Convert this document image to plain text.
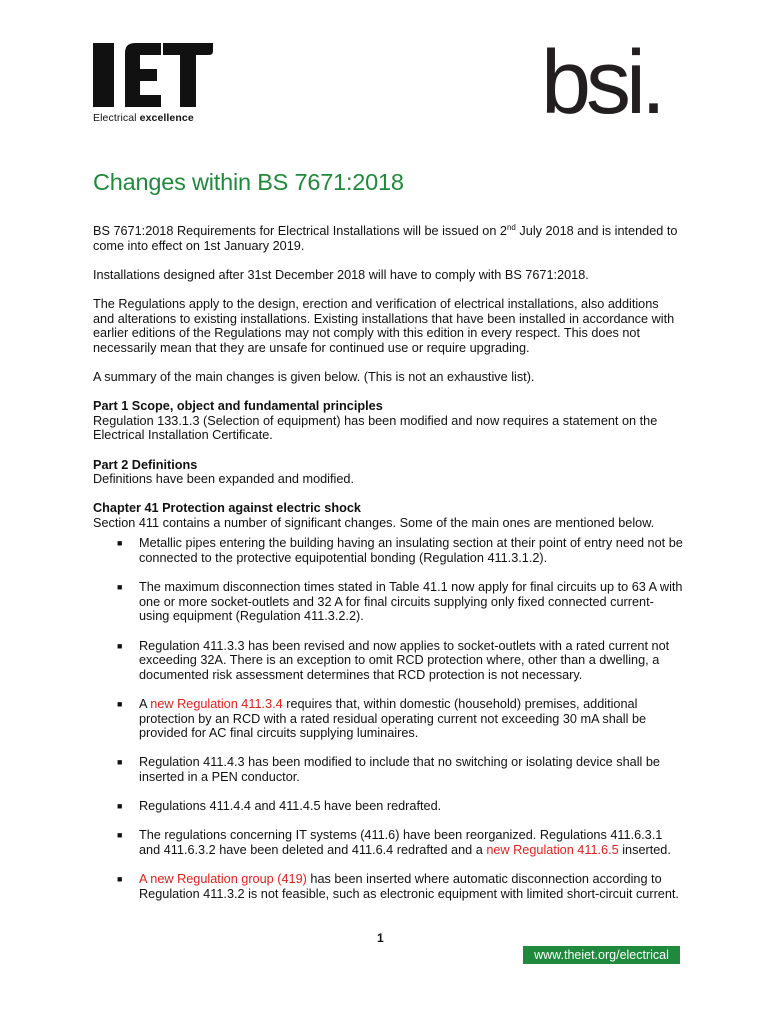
Electrical excellence	bsi.
Changes within BS 7671:2018
BS 7671:2018 Requirements for Electrical Installations will be issued on 2nd July 2018 and is intended to come into effect on 1st January 2019.
Installations designed after 31st December 2018 will have to comply with BS 7671:2018.
The Regulations apply to the design, erection and verification of electrical installations, also additions and alterations to existing installations. Existing installations that have been installed in accordance with earlier editions of the Regulations may not comply with this edition in every respect. This does not necessarily mean that they are unsafe for continued use or require upgrading.
A summary of the main changes is given below. (This is not an exhaustive list).
Part 1 Scope, object and fundamental principles
Regulation 133.1.3 (Selection of equipment) has been modified and now requires a statement on the Electrical Installation Certificate.
Part 2 Definitions
Definitions have been expanded and modified.
Chapter 41 Protection against electric shock
Section 411 contains a number of significant changes. Some of the main ones are mentioned below.
■ Metallic pipes entering the building having an insulating section at their point of entry need not be connected to the protective equipotential bonding (Regulation 411.3.1.2).
■ The maximum disconnection times stated in Table 41.1 now apply for final circuits up to 63 A with one or more socket-outlets and 32 A for final circuits supplying only fixed connected current-using equipment (Regulation 411.3.2.2).
■ Regulation 411.3.3 has been revised and now applies to socket-outlets with a rated current not exceeding 32A. There is an exception to omit RCD protection where, other than a dwelling, a documented risk assessment determines that RCD protection is not necessary.
■ A new Regulation 411.3.4 requires that, within domestic (household) premises, additional protection by an RCD with a rated residual operating current not exceeding 30 mA shall be provided for AC final circuits supplying luminaires.
■ Regulation 411.4.3 has been modified to include that no switching or isolating device shall be inserted in a PEN conductor.
■ Regulations 411.4.4 and 411.4.5 have been redrafted.
■ The regulations concerning IT systems (411.6) have been reorganized. Regulations 411.6.3.1 and 411.6.3.2 have been deleted and 411.6.4 redrafted and a new Regulation 411.6.5 inserted.
■ A new Regulation group (419) has been inserted where automatic disconnection according to Regulation 411.3.2 is not feasible, such as electronic equipment with limited short-circuit current.
1
www.theiet.org/electrical
